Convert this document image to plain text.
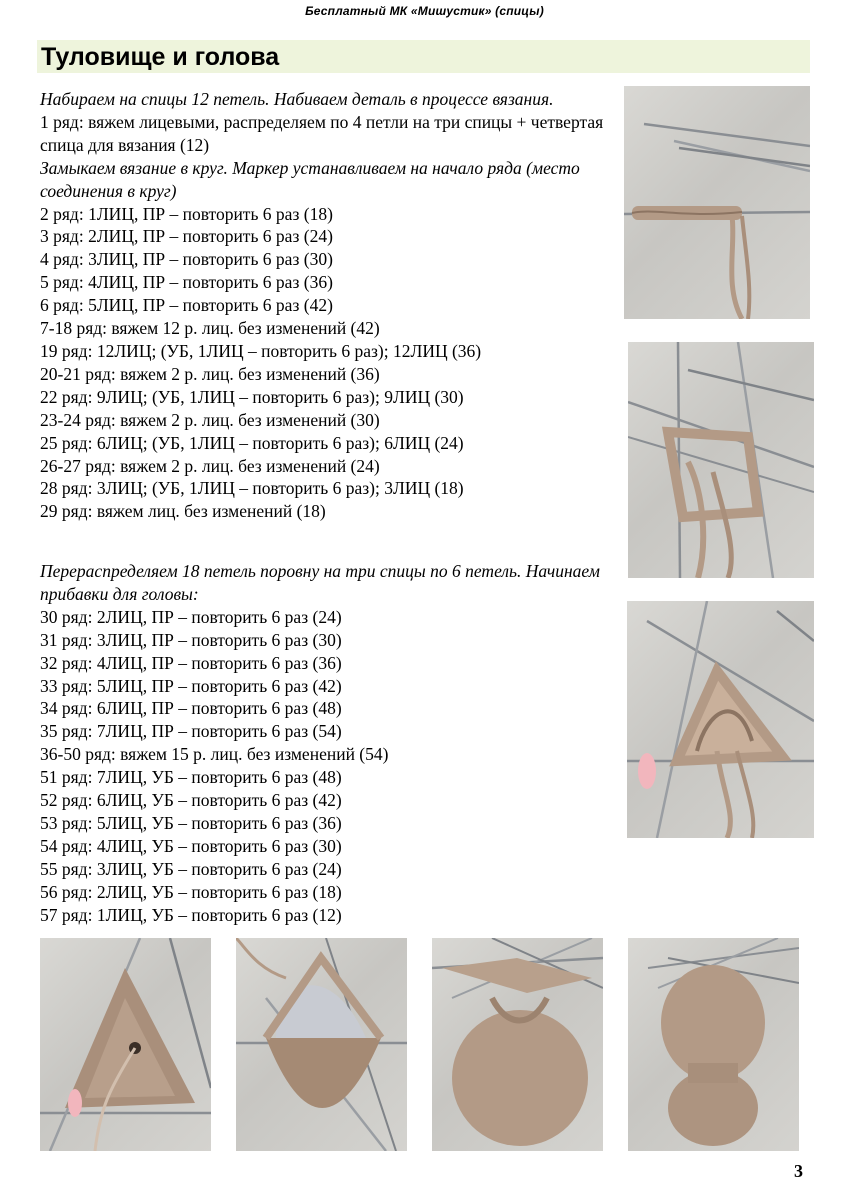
Бесплатный МК «Мишустик» (спицы)
Туловище и голова
Набираем на спицы 12 петель. Набиваем деталь в процессе вязания.
1 ряд: вяжем лицевыми, распределяем по 4 петли на три спицы + четвертая спица для вязания (12)
Замыкаем вязание в круг. Маркер устанавливаем на начало ряда (место соединения в круг)
2 ряд: 1ЛИЦ, ПР – повторить 6 раз (18)
3 ряд: 2ЛИЦ, ПР – повторить 6 раз (24)
4 ряд: 3ЛИЦ, ПР – повторить 6 раз (30)
5 ряд: 4ЛИЦ, ПР – повторить 6 раз (36)
6 ряд: 5ЛИЦ, ПР – повторить 6 раз (42)
7-18 ряд: вяжем 12 р. лиц. без изменений (42)
19 ряд: 12ЛИЦ; (УБ, 1ЛИЦ – повторить 6 раз); 12ЛИЦ (36)
20-21 ряд: вяжем 2 р. лиц. без изменений (36)
22 ряд: 9ЛИЦ; (УБ, 1ЛИЦ – повторить 6 раз); 9ЛИЦ (30)
23-24 ряд: вяжем 2 р. лиц. без изменений (30)
25 ряд: 6ЛИЦ; (УБ, 1ЛИЦ – повторить 6 раз); 6ЛИЦ (24)
26-27 ряд: вяжем 2 р. лиц. без изменений (24)
28 ряд: 3ЛИЦ; (УБ, 1ЛИЦ – повторить 6 раз); 3ЛИЦ (18)
29 ряд: вяжем лиц. без изменений (18)
Перераспределяем 18 петель поровну на три спицы по 6 петель. Начинаем прибавки для головы:
30 ряд: 2ЛИЦ, ПР – повторить 6 раз (24)
31 ряд: 3ЛИЦ, ПР – повторить 6 раз (30)
32 ряд: 4ЛИЦ, ПР – повторить 6 раз (36)
33 ряд: 5ЛИЦ, ПР – повторить 6 раз (42)
34 ряд: 6ЛИЦ, ПР – повторить 6 раз (48)
35 ряд: 7ЛИЦ, ПР – повторить 6 раз (54)
36-50 ряд: вяжем 15 р. лиц. без изменений (54)
51 ряд: 7ЛИЦ, УБ – повторить 6 раз (48)
52 ряд: 6ЛИЦ, УБ – повторить 6 раз (42)
53 ряд: 5ЛИЦ, УБ – повторить 6 раз (36)
54 ряд: 4ЛИЦ, УБ – повторить 6 раз (30)
55 ряд: 3ЛИЦ, УБ – повторить 6 раз (24)
56 ряд: 2ЛИЦ, УБ – повторить 6 раз (18)
57 ряд: 1ЛИЦ, УБ – повторить 6 раз (12)
3
